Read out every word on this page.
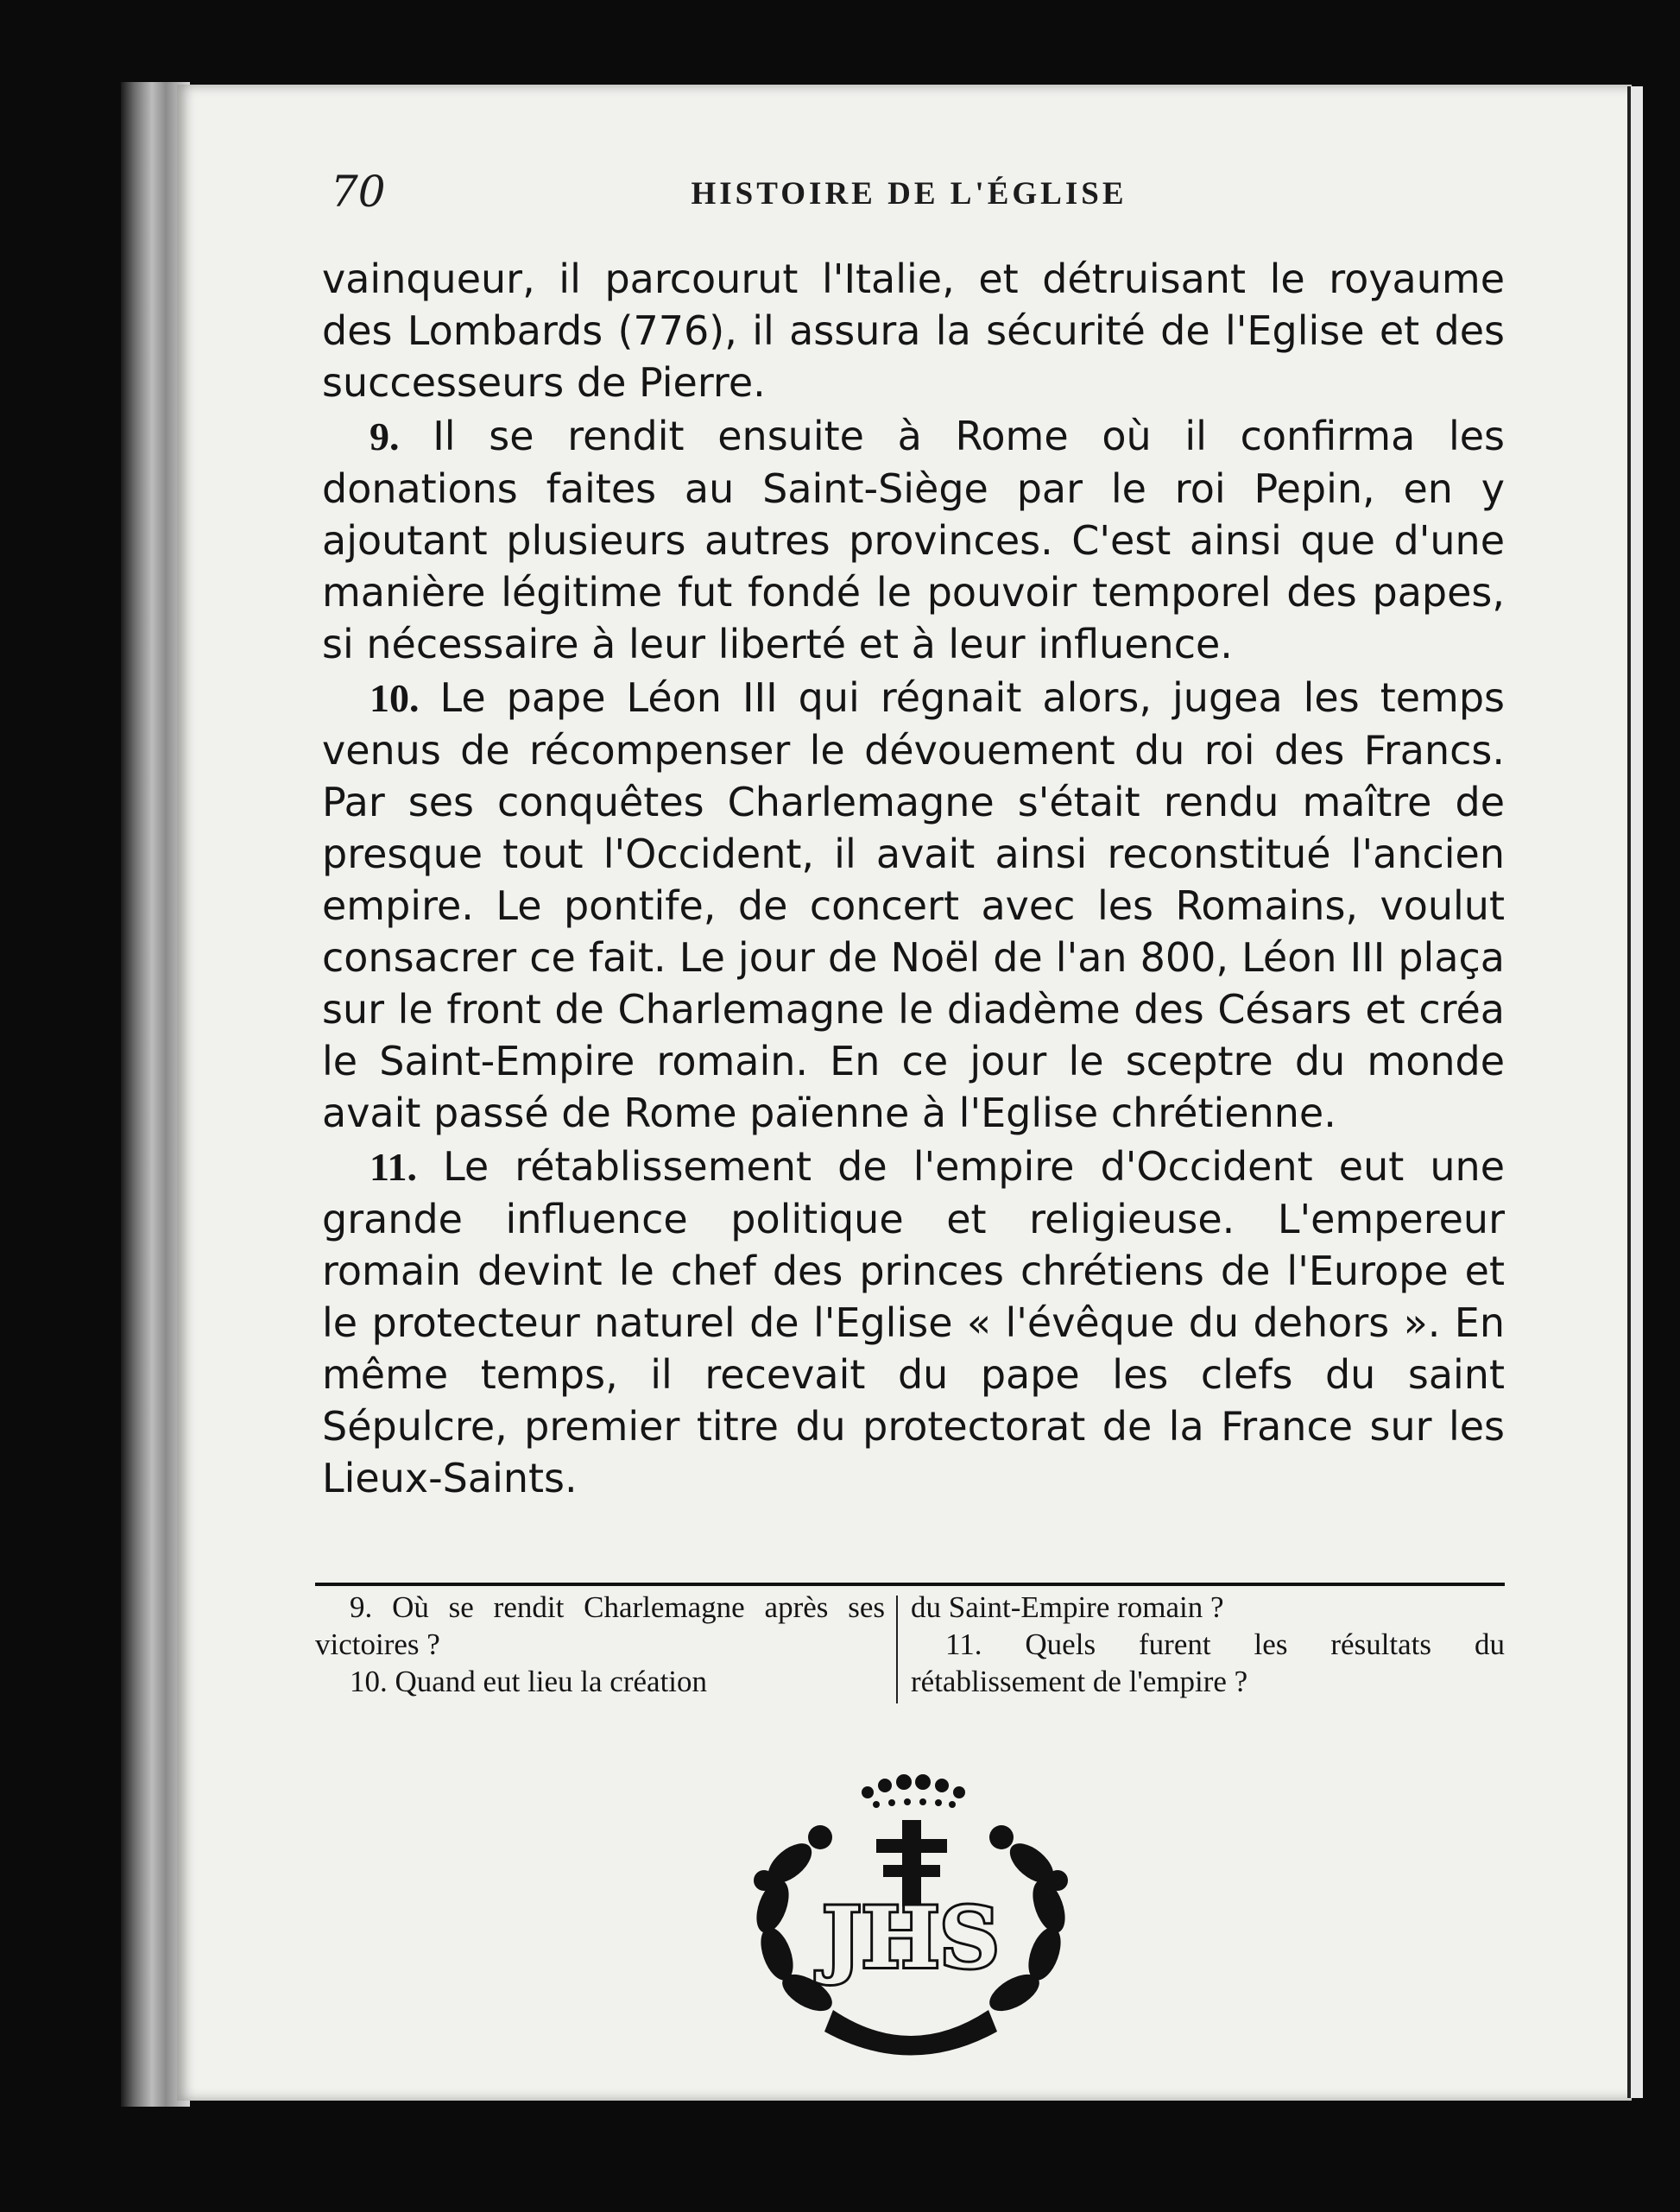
70	HISTOIRE DE L'ÉGLISE

vainqueur, il parcourut l'Italie, et détruisant le royaume des Lombards (776), il assura la sécurité de l'Eglise et des successeurs de Pierre.

9. Il se rendit ensuite à Rome où il confirma les donations faites au Saint-Siège par le roi Pepin, en y ajoutant plusieurs autres provinces. C'est ainsi que d'une manière légitime fut fondé le pouvoir temporel des papes, si nécessaire à leur liberté et à leur influence.

10. Le pape Léon III qui régnait alors, jugea les temps venus de récompenser le dévouement du roi des Francs. Par ses conquêtes Charlemagne s'était rendu maître de presque tout l'Occident, il avait ainsi reconstitué l'ancien empire. Le pontife, de concert avec les Romains, voulut consacrer ce fait. Le jour de Noël de l'an 800, Léon III plaça sur le front de Charlemagne le diadème des Césars et créa le Saint-Empire romain. En ce jour le sceptre du monde avait passé de Rome païenne à l'Eglise chrétienne.

11. Le rétablissement de l'empire d'Occident eut une grande influence politique et religieuse. L'empereur romain devint le chef des princes chrétiens de l'Europe et le protecteur naturel de l'Eglise « l'évêque du dehors ». En même temps, il recevait du pape les clefs du saint Sépulcre, premier titre du protectorat de la France sur les Lieux-Saints.

9. Où se rendit Charlemagne après ses victoires ?

10. Quand eut lieu la création

du Saint-Empire romain ?

11. Quels furent les résultats du rétablissement de l'empire ?

JHS
